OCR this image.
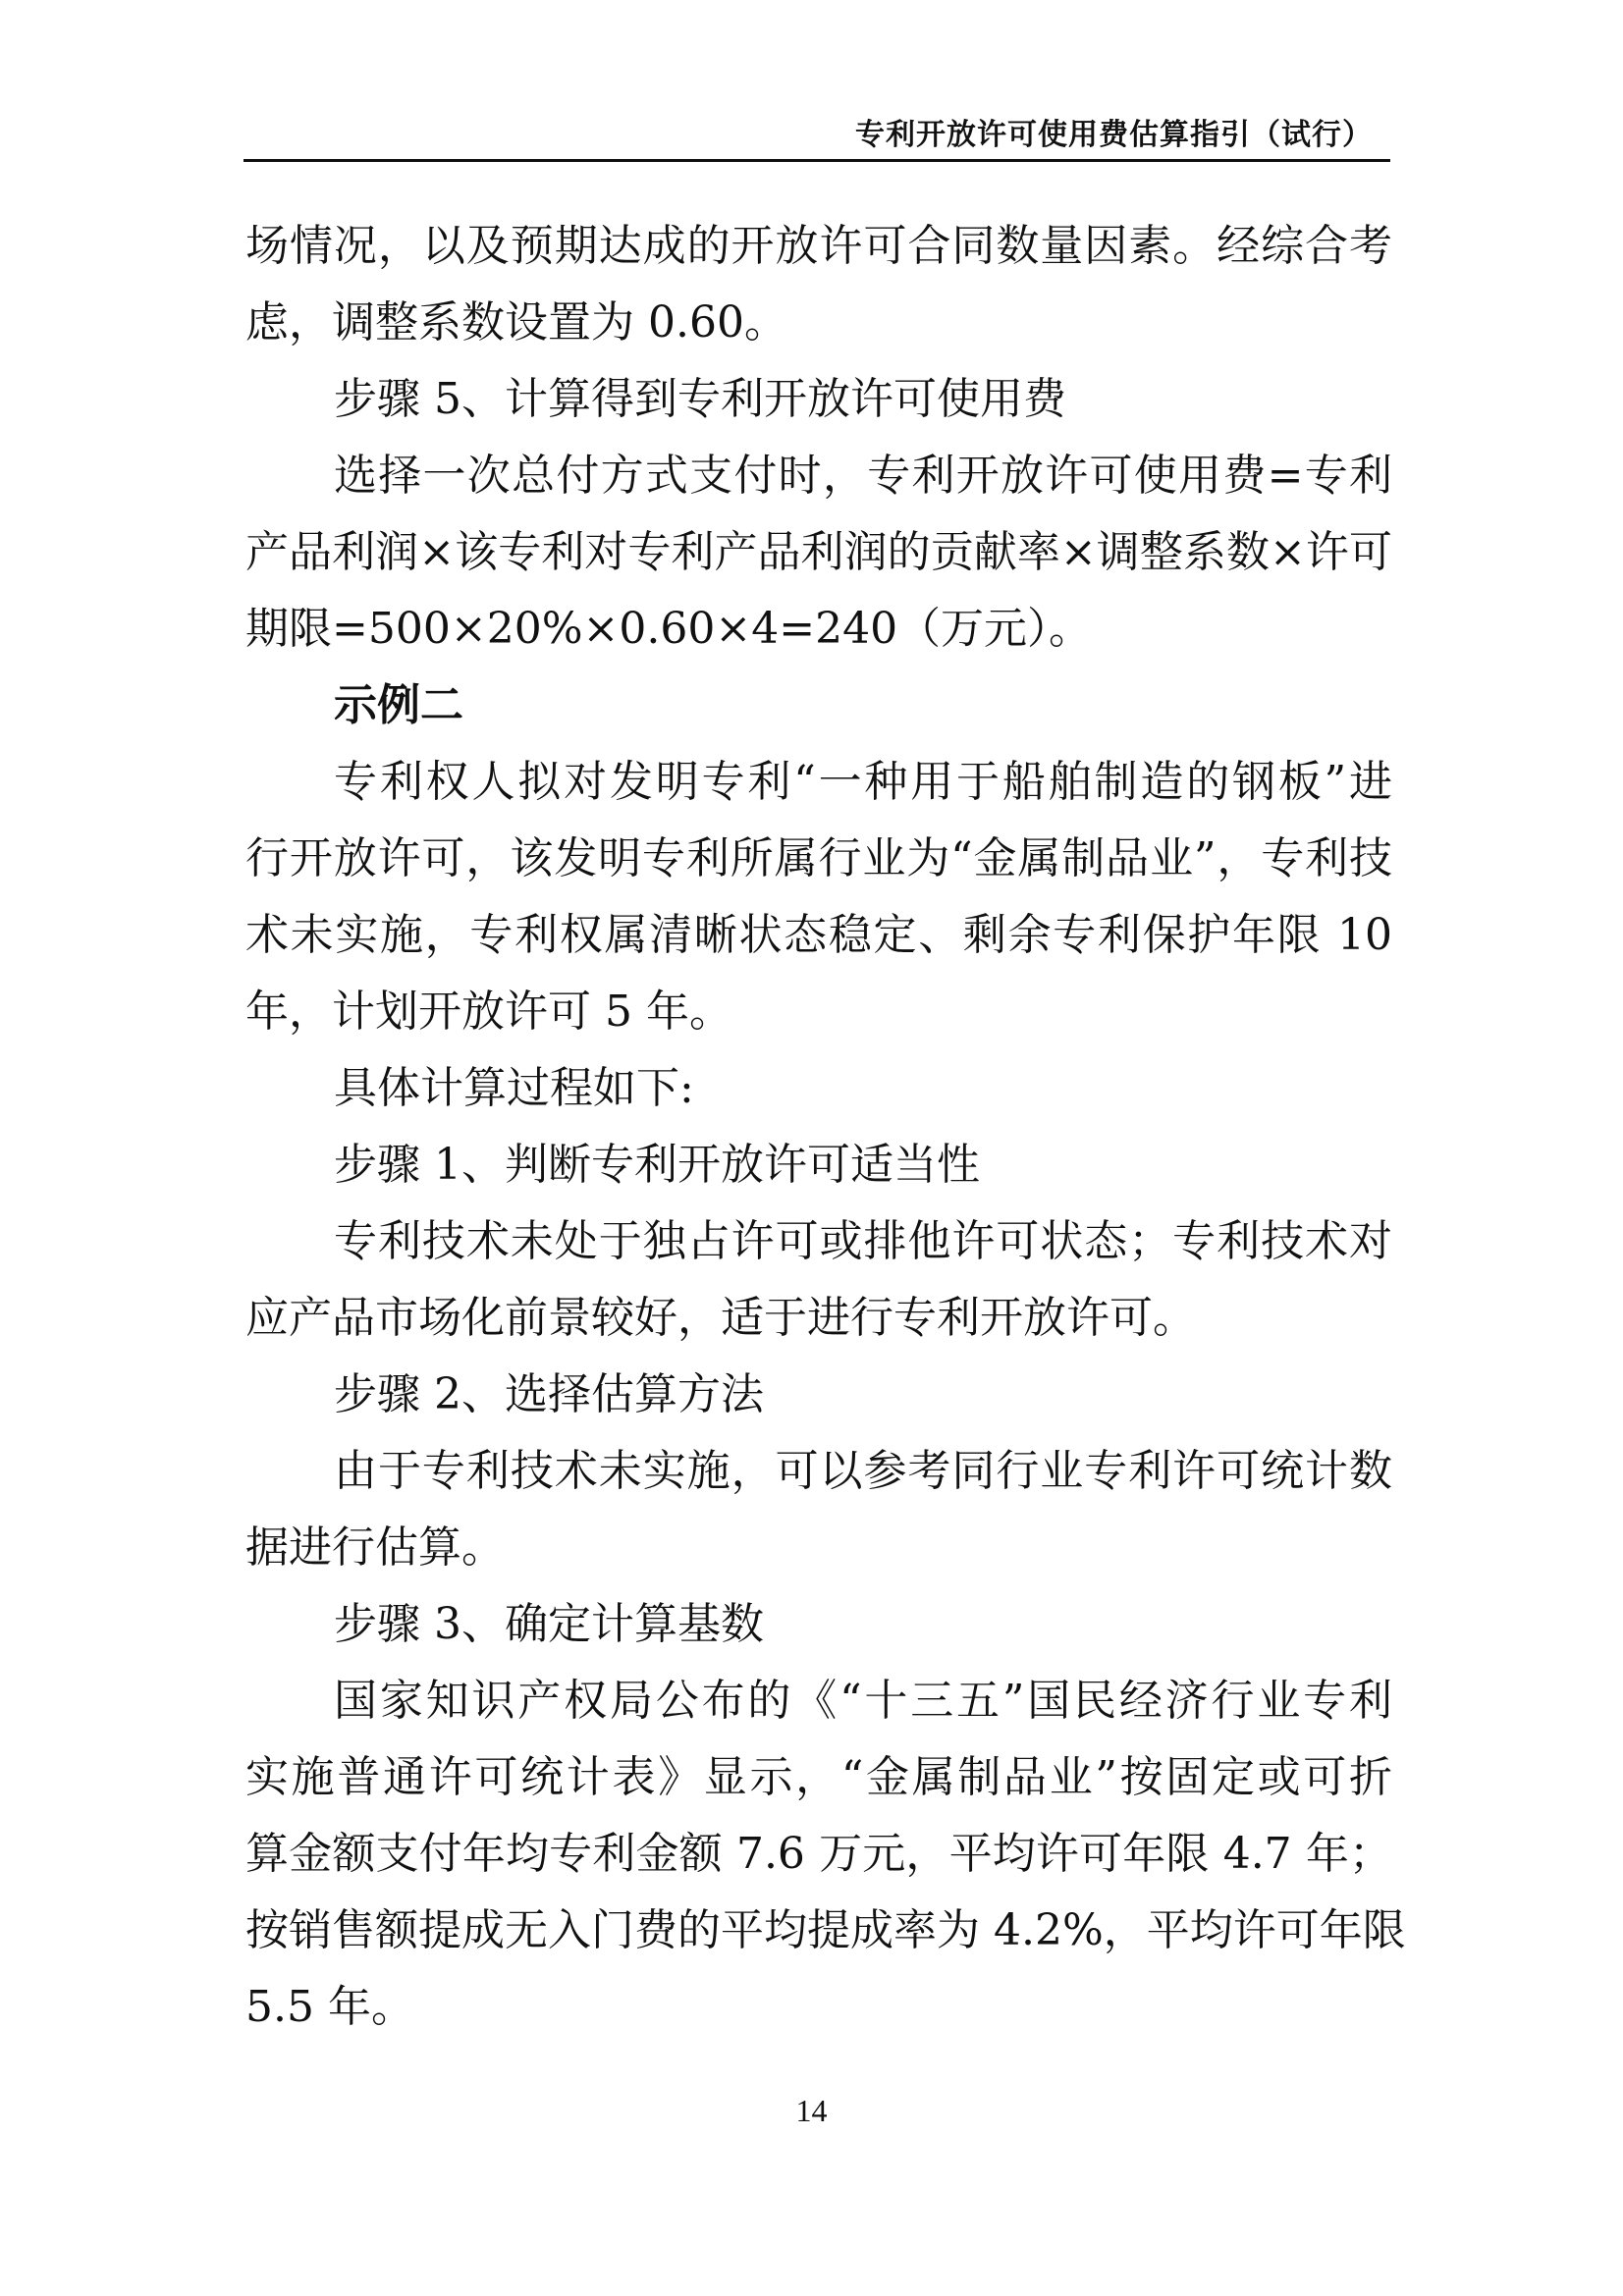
专利开放许可使用费估算指引（试行）
场情况，以及预期达成的开放许可合同数量因素。经综合考
虑，调整系数设置为 0.60。
步骤 5、计算得到专利开放许可使用费
选择一次总付方式支付时，专利开放许可使用费=专利
产品利润×该专利对专利产品利润的贡献率×调整系数×许可
期限=500×20%×0.60×4=240（万元）。
示例二
专利权人拟对发明专利“一种用于船舶制造的钢板”进
行开放许可，该发明专利所属行业为“金属制品业”，专利技
术未实施，专利权属清晰状态稳定、剩余专利保护年限 10
年，计划开放许可 5 年。
具体计算过程如下:
步骤 1、判断专利开放许可适当性
专利技术未处于独占许可或排他许可状态；专利技术对
应产品市场化前景较好，适于进行专利开放许可。
步骤 2、选择估算方法
由于专利技术未实施，可以参考同行业专利许可统计数
据进行估算。
步骤 3、确定计算基数
国家知识产权局公布的《“十三五”国民经济行业专利
实施普通许可统计表》显示，“金属制品业”按固定或可折
算金额支付年均专利金额 7.6 万元，平均许可年限 4.7 年；
按销售额提成无入门费的平均提成率为 4.2%，平均许可年限
5.5 年。
14
